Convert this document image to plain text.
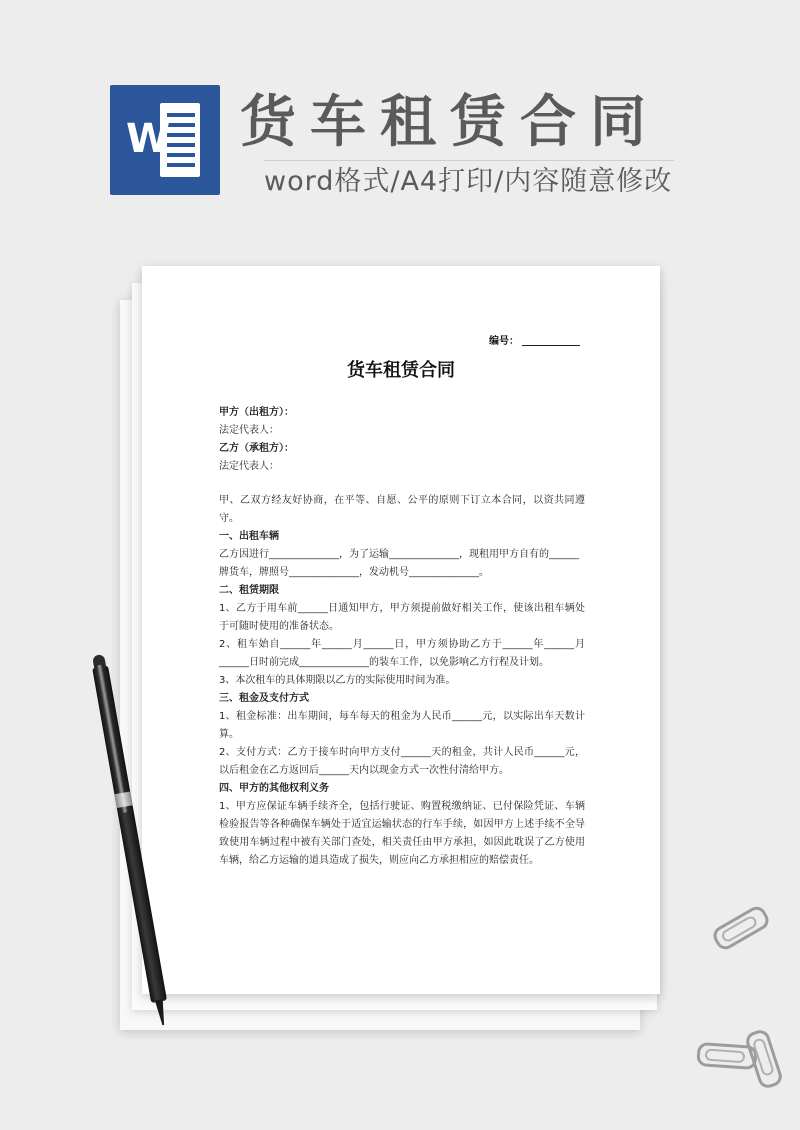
W 货车租赁合同
word格式/A4打印/内容随意修改
编号：
货车租赁合同

甲方（出租方）：

法定代表人：

乙方（承租方）：

法定代表人：

甲、乙双方经友好协商，在平等、自愿、公平的原则下订立本合同，以资共同遵守。

一、出租车辆

乙方因进行______________，为了运输______________，现租用甲方自有的______

牌货车，牌照号______________，发动机号______________。

二、租赁期限

1、乙方于用车前______日通知甲方，甲方须提前做好相关工作，使该出租车辆处于可随时使用的准备状态。

2、租车始自______年______月______日，甲方须协助乙方于______年______月______日时前完成______________的装车工作，以免影响乙方行程及计划。

3、本次租车的具体期限以乙方的实际使用时间为准。

三、租金及支付方式

1、租金标准：出车期间，每车每天的租金为人民币______元，以实际出车天数计算。

2、支付方式：乙方于接车时向甲方支付______天的租金，共计人民币______元，以后租金在乙方返回后______天内以现金方式一次性付清给甲方。

四、甲方的其他权利义务

1、甲方应保证车辆手续齐全，包括行驶证、购置税缴纳证、已付保险凭证、车辆检验报告等各种确保车辆处于适宜运输状态的行车手续，如因甲方上述手续不全导致使用车辆过程中被有关部门查处，相关责任由甲方承担，如因此耽误了乙方使用车辆，给乙方运输的道具造成了损失，则应向乙方承担相应的赔偿责任。
